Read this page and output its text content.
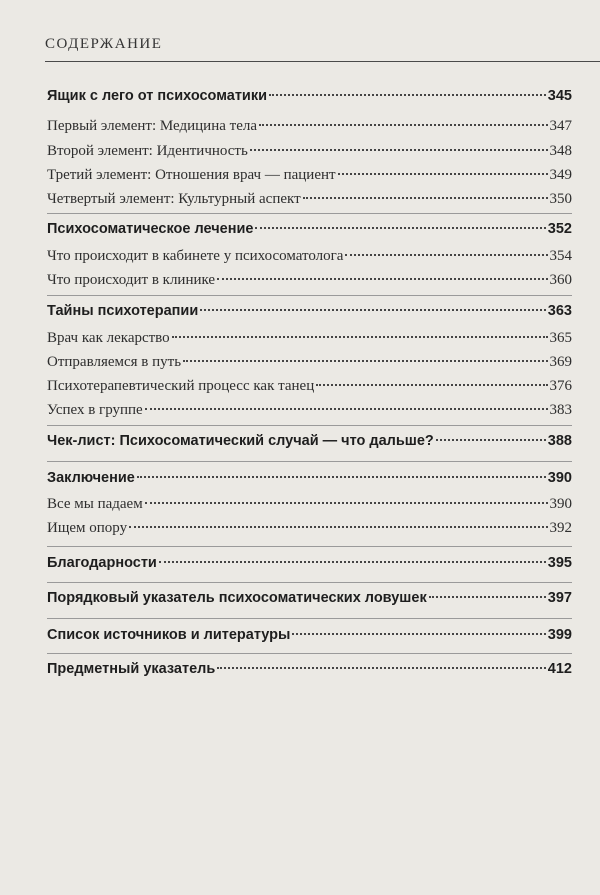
СОДЕРЖАНИЕ
Ящик с лего от психосоматики	345
Первый элемент: Медицина тела	347
Второй элемент: Идентичность	348
Третий элемент: Отношения врач — пациент	349
Четвертый элемент: Культурный аспект	350
Психосоматическое лечение	352
Что происходит в кабинете у психосоматолога	354
Что происходит в клинике	360
Тайны психотерапии	363
Врач как лекарство	365
Отправляемся в путь	369
Психотерапевтический процесс как танец	376
Успех в группе	383
Чек-лист: Психосоматический случай — что дальше?	388
Заключение	390
Все мы падаем	390
Ищем опору	392
Благодарности	395
Порядковый указатель психосоматических ловушек	397
Список источников и литературы	399
Предметный указатель	412
